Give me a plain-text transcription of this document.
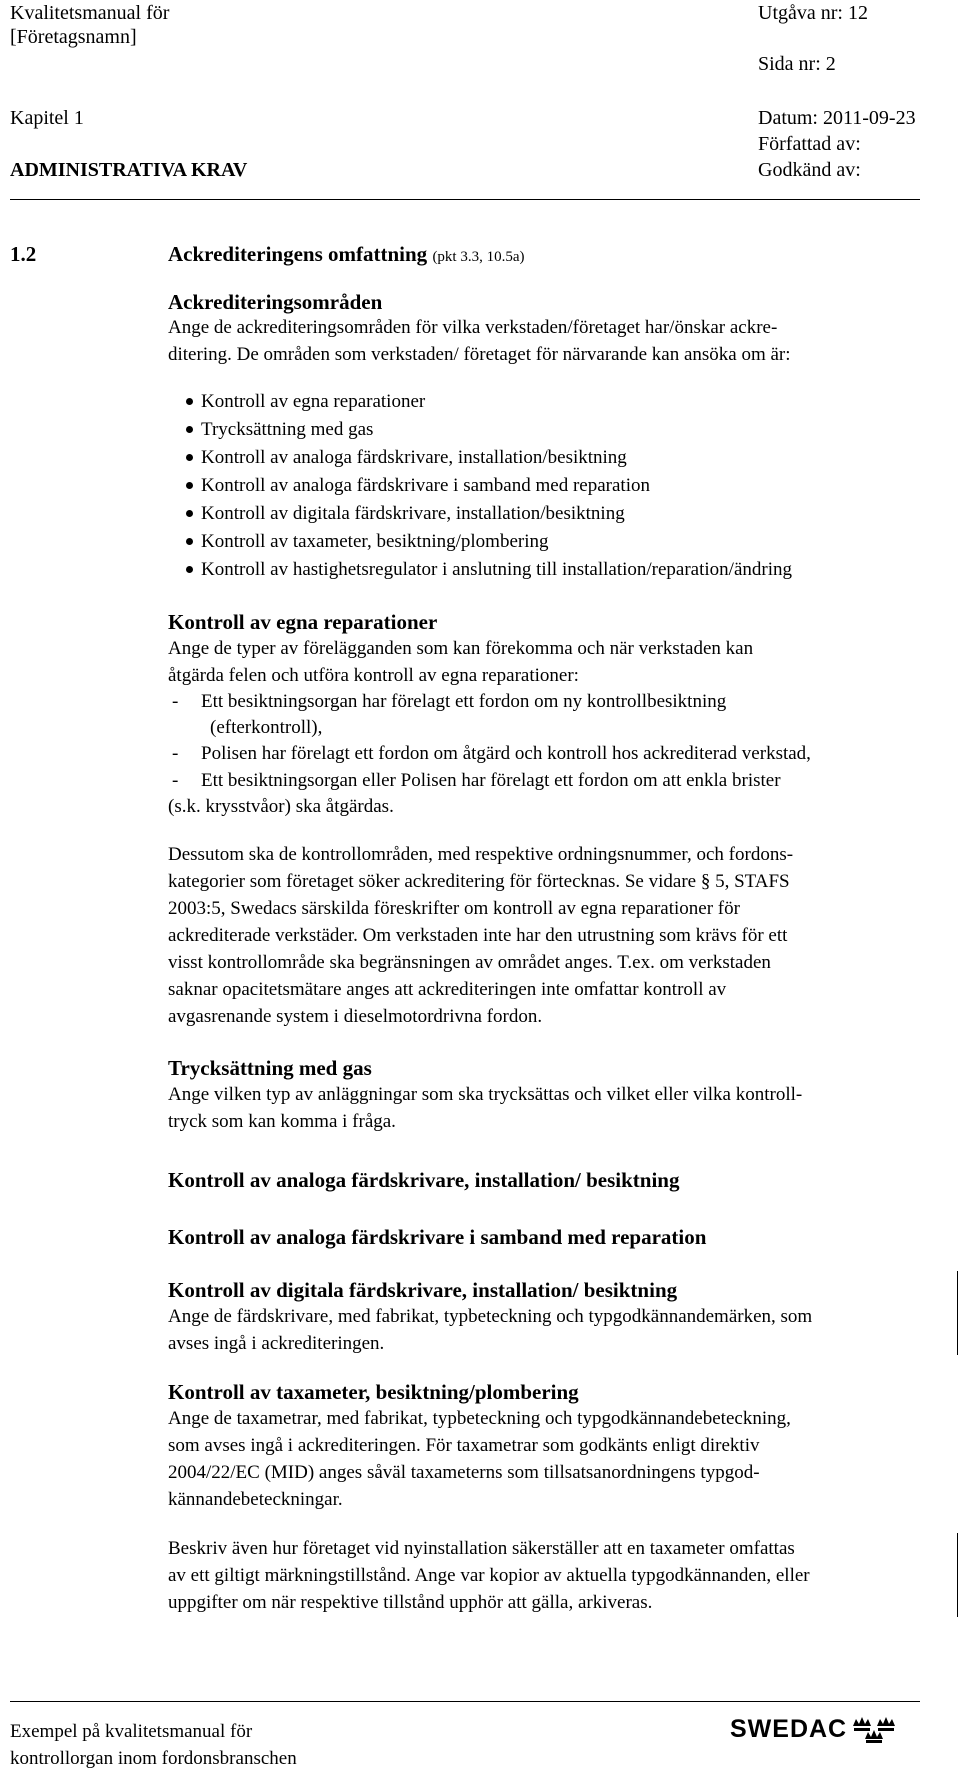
Kvalitetsmanual för
[Företagsnamn]
Utgåva nr: 12
Sida nr: 2
Kapitel 1	Datum: 2011-09-23
Författad av:
ADMINISTRATIVA KRAV	Godkänd av:
1.2	Ackrediteringens omfattning (pkt 3.3, 10.5a)
Ackrediteringsområden
Ange de ackrediteringsområden för vilka verkstaden/företaget har/önskar ackre-
ditering. De områden som verkstaden/ företaget för närvarande kan ansöka om är:
Kontroll av egna reparationer
Trycksättning med gas
Kontroll av analoga färdskrivare, installation/besiktning
Kontroll av analoga färdskrivare i samband med reparation
Kontroll av digitala färdskrivare, installation/besiktning
Kontroll av taxameter, besiktning/plombering
Kontroll av hastighetsregulator i anslutning till installation/reparation/ändring
Kontroll av egna reparationer
Ange de typer av förelägganden som kan förekomma och när verkstaden kan
åtgärda felen och utföra kontroll av egna reparationer:
- Ett besiktningsorgan har förelagt ett fordon om ny kontrollbesiktning
(efterkontroll),
- Polisen har förelagt ett fordon om åtgärd och kontroll hos ackrediterad verkstad,
- Ett besiktningsorgan eller Polisen har förelagt ett fordon om att enkla brister
(s.k. krysstvåor) ska åtgärdas.

Dessutom ska de kontrollområden, med respektive ordningsnummer, och fordons-

kategorier som företaget söker ackreditering för förtecknas. Se vidare § 5, STAFS

2003:5, Swedacs särskilda föreskrifter om kontroll av egna reparationer för

ackrediterade verkstäder. Om verkstaden inte har den utrustning som krävs för ett

visst kontrollområde ska begränsningen av området anges. T.ex. om verkstaden

saknar opacitetsmätare anges att ackrediteringen inte omfattar kontroll av

avgasrenande system i dieselmotordrivna fordon.

Trycksättning med gas
Ange vilken typ av anläggningar som ska trycksättas och vilket eller vilka kontroll-
tryck som kan komma i fråga.
Kontroll av analoga färdskrivare, installation/ besiktning
Kontroll av analoga färdskrivare i samband med reparation
Kontroll av digitala färdskrivare, installation/ besiktning
Ange de färdskrivare, med fabrikat, typbeteckning och typgodkännandemärken, som
avses ingå i ackrediteringen.
Kontroll av taxameter, besiktning/plombering

Ange de taxametrar, med fabrikat, typbeteckning och typgodkännandebeteckning,

som avses ingå i ackrediteringen. För taxametrar som godkänts enligt direktiv

2004/22/EC (MID) anges såväl taxameterns som tillsatsanordningens typgod-

kännandebeteckningar.

Beskriv även hur företaget vid nyinstallation säkerställer att en taxameter omfattas

av ett giltigt märkningstillstånd. Ange var kopior av aktuella typgodkännanden, eller

uppgifter om när respektive tillstånd upphör att gälla, arkiveras.

Exempel på kvalitetsmanual för
kontrollorgan inom fordonsbranschen
SWEDAC
